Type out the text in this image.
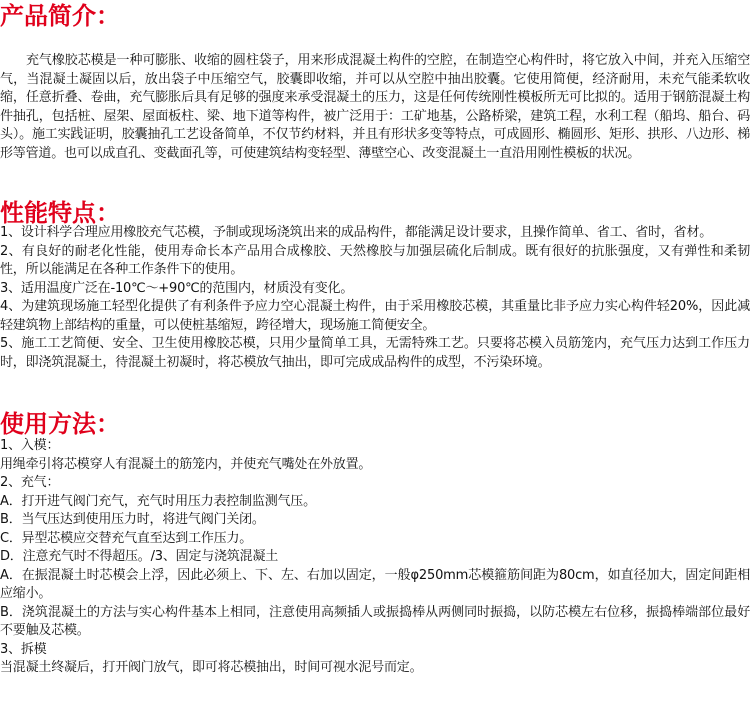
产品简介：
充气橡胶芯模是一种可膨胀、收缩的圆柱袋子，用来形成混凝土构件的空腔，在制造空心构件时，将它放入中间，并充入压缩空气，当混凝土凝固以后，放出袋子中压缩空气，胶囊即收缩，并可以从空腔中抽出胶囊。它使用简便，经济耐用，未充气能柔软收缩，任意折叠、卷曲，充气膨胀后具有足够的强度来承受混凝土的压力，这是任何传统刚性模板所无可比拟的。适用于钢筋混凝土构件抽孔，包括桩、屋架、屋面板柱、梁、地下道等构件，被广泛用于：工矿地基，公路桥梁，建筑工程，水利工程（船坞、船台、码头）。施工实践证明，胶囊抽孔工艺设备简单，不仅节约材料，并且有形状多变等特点，可成圆形、椭圆形、矩形、拱形、八边形、梯形等管道。也可以成直孔、变截面孔等，可使建筑结构变轻型、薄壁空心、改变混凝土一直沿用刚性模板的状况。
性能特点：

1、设计科学合理应用橡胶充气芯模，予制或现场浇筑出来的成品构件，都能满足设计要求，且操作简单、省工、省时，省材。

2、有良好的耐老化性能，使用寿命长本产品用合成橡胶、天然橡胶与加强层硫化后制成。既有很好的抗胀强度，又有弹性和柔韧性，所以能满足在各种工作条件下的使用。

3、适用温度广泛在-10℃～+90℃的范围内，材质没有变化。

4、为建筑现场施工轻型化提供了有利条件予应力空心混凝土构件，由于采用橡胶芯模，其重量比非予应力实心构件轻20%，因此减轻建筑物上部结构的重量，可以使桩基缩短，跨径增大，现场施工简便安全。

5、施工工艺简便、安全、卫生使用橡胶芯模，只用少量简单工具，无需特殊工艺。只要将芯模入员筋笼内，充气压力达到工作压力时，即浇筑混凝土，待混凝土初凝时，将芯模放气抽出，即可完成成品构件的成型，不污染环境。

使用方法：

1、入模：

用绳牵引将芯模穿人有混凝土的筋笼内，并使充气嘴处在外放置。

2、充气：

A．打开进气阀门充气，充气时用压力表控制监测气压。

B．当气压达到使用压力时，将进气阀门关闭。

C．异型芯模应交替充气直至达到工作压力。

D．注意充气时不得超压。/3、固定与浇筑混凝土

A．在振混凝土时芯模会上浮，因此必须上、下、左、右加以固定，一般φ250mm芯模箍筋间距为80cm，如直径加大，固定间距相应缩小。

B．浇筑混凝土的方法与实心构件基本上相同，注意使用高频插人或振捣棒从两侧同时振捣，以防芯模左右位移，振捣棒端部位最好不要触及芯模。

3、拆模

当混凝土终凝后，打开阀门放气，即可将芯模抽出，时间可视水泥号而定。
